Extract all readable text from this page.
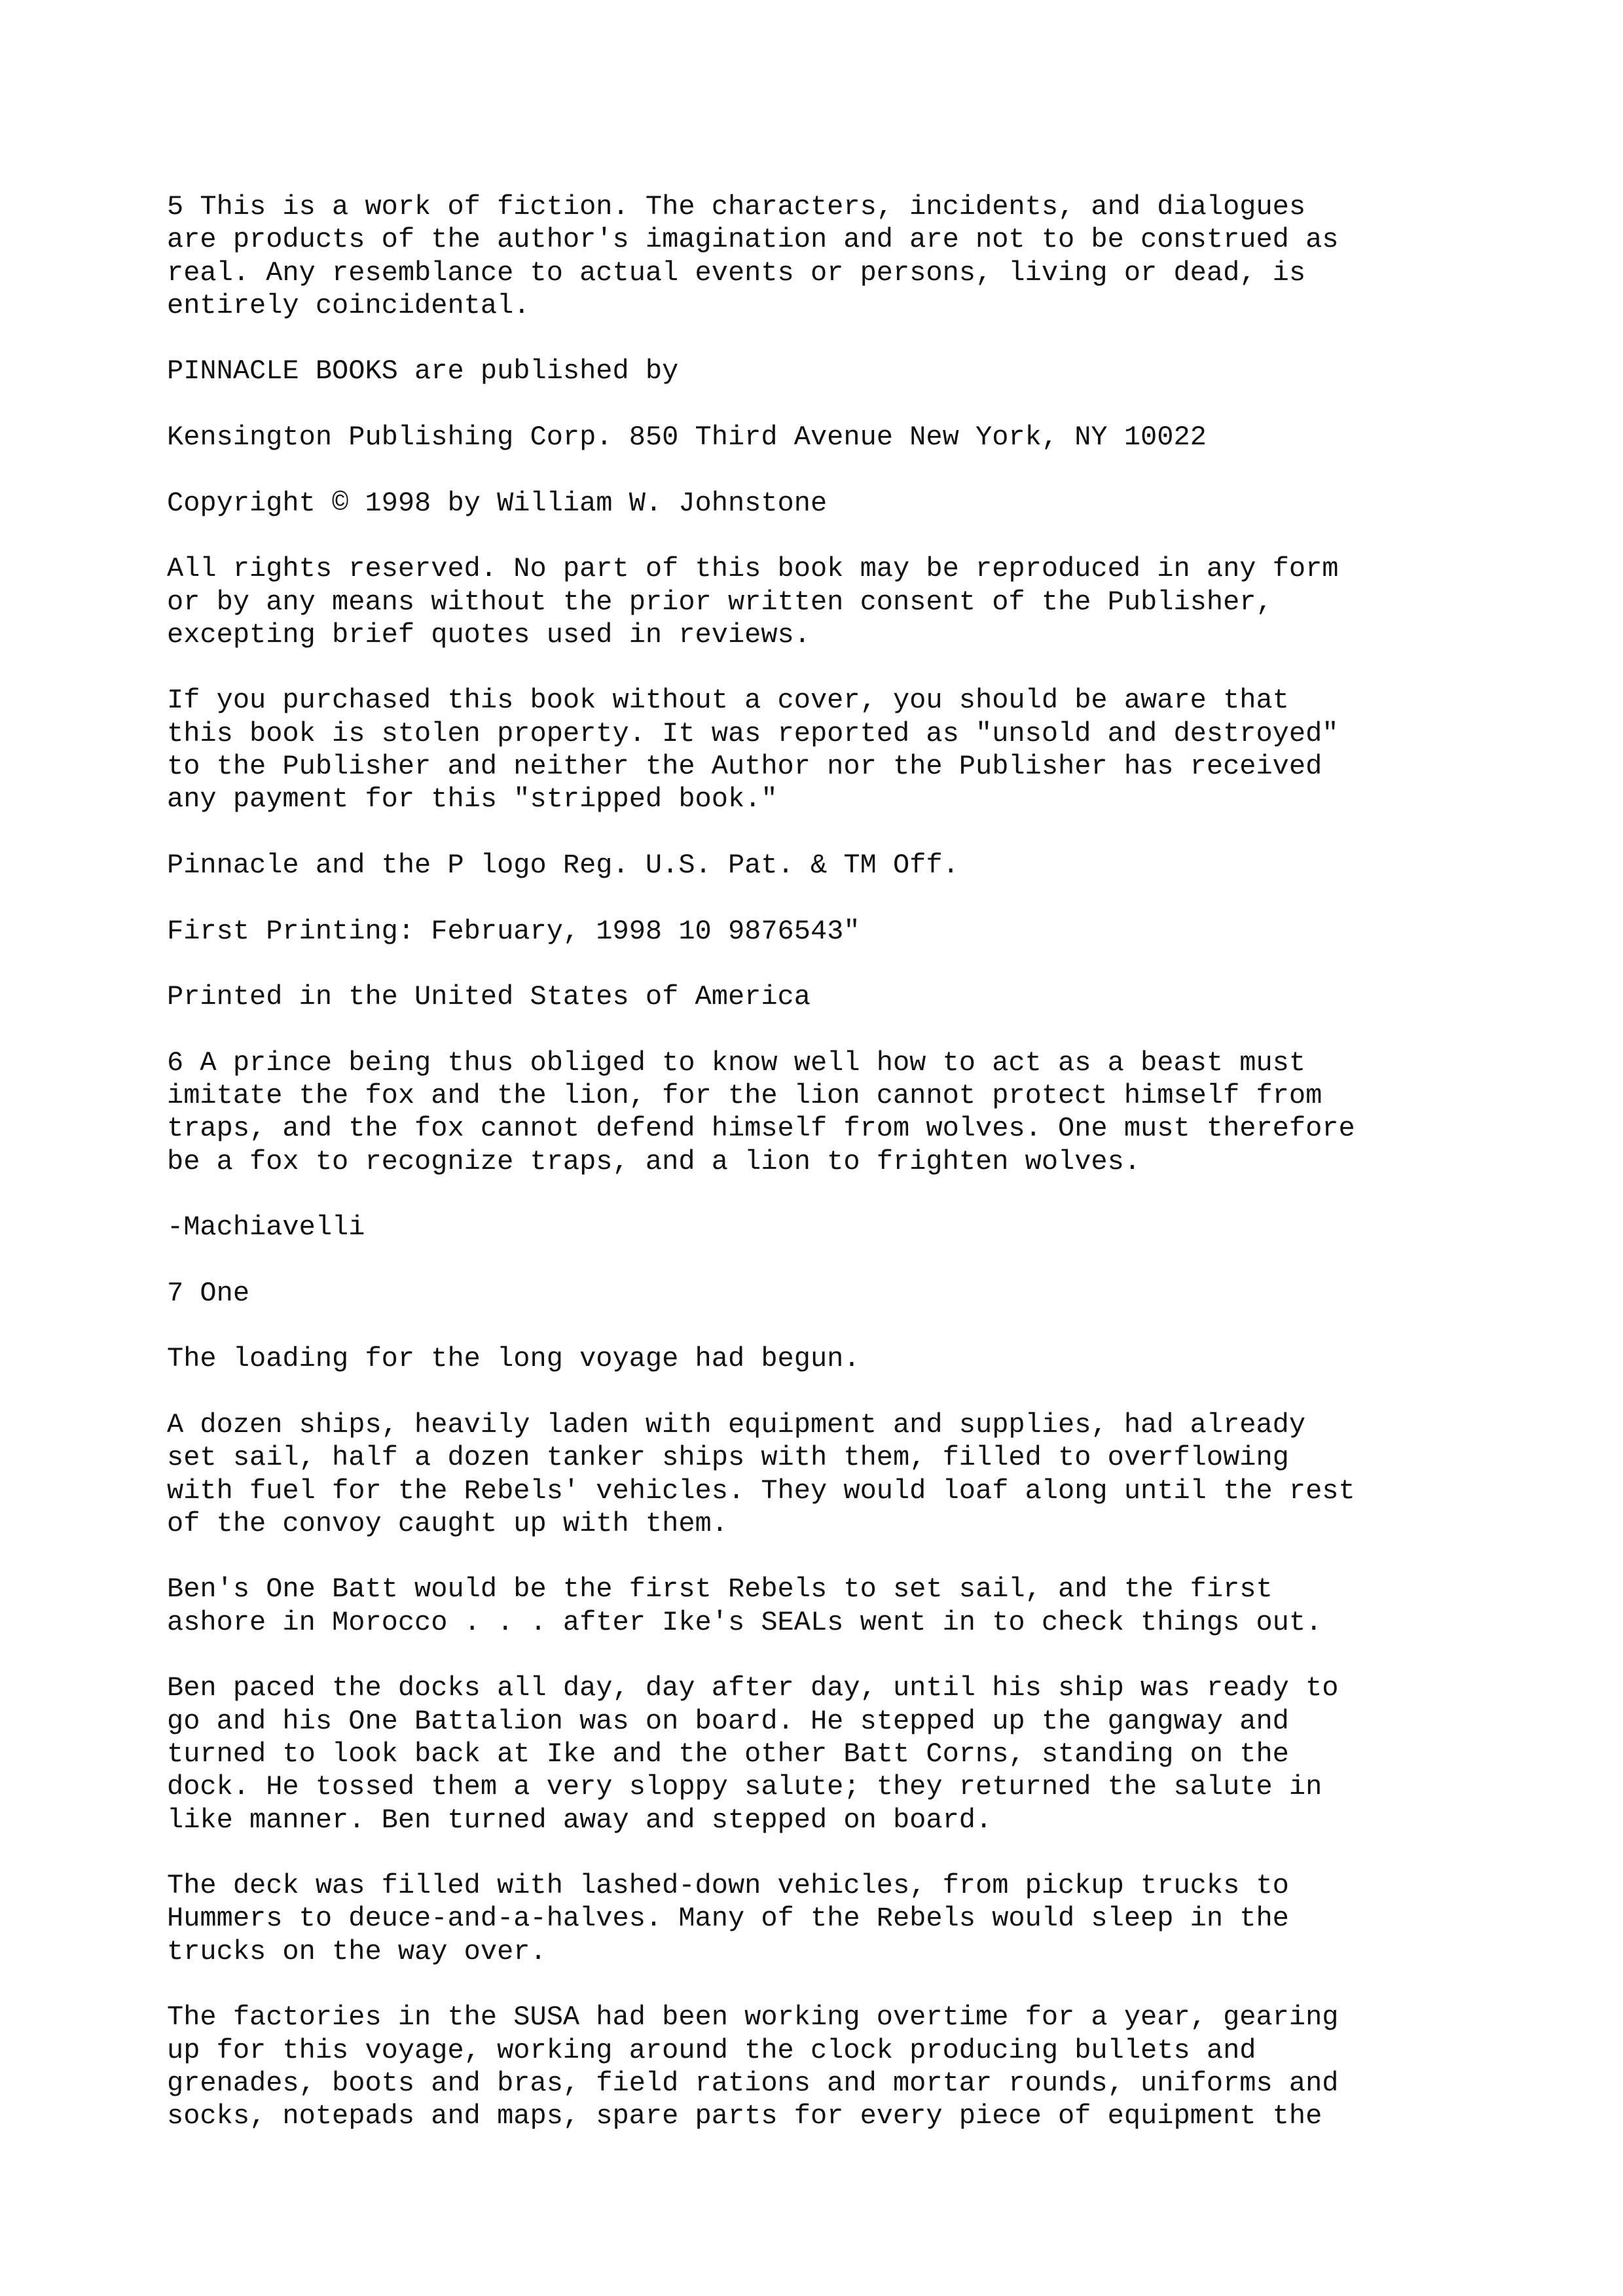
5 This is a work of fiction. The characters, incidents, and dialogues
are products of the author's imagination and are not to be construed as
real. Any resemblance to actual events or persons, living or dead, is
entirely coincidental.
PINNACLE BOOKS are published by
Kensington Publishing Corp. 850 Third Avenue New York, NY 10022
Copyright © 1998 by William W. Johnstone
All rights reserved. No part of this book may be reproduced in any form
or by any means without the prior written consent of the Publisher,
excepting brief quotes used in reviews.
If you purchased this book without a cover, you should be aware that
this book is stolen property. It was reported as "unsold and destroyed"
to the Publisher and neither the Author nor the Publisher has received
any payment for this "stripped book."
Pinnacle and the P logo Reg. U.S. Pat. & TM Off.
First Printing: February, 1998 10 9876543"
Printed in the United States of America
6 A prince being thus obliged to know well how to act as a beast must
imitate the fox and the lion, for the lion cannot protect himself from
traps, and the fox cannot defend himself from wolves. One must therefore
be a fox to recognize traps, and a lion to frighten wolves.
-Machiavelli
7 One
The loading for the long voyage had begun.
A dozen ships, heavily laden with equipment and supplies, had already
set sail, half a dozen tanker ships with them, filled to overflowing
with fuel for the Rebels' vehicles. They would loaf along until the rest
of the convoy caught up with them.
Ben's One Batt would be the first Rebels to set sail, and the first
ashore in Morocco . . . after Ike's SEALs went in to check things out.
Ben paced the docks all day, day after day, until his ship was ready to
go and his One Battalion was on board. He stepped up the gangway and
turned to look back at Ike and the other Batt Corns, standing on the
dock. He tossed them a very sloppy salute; they returned the salute in
like manner. Ben turned away and stepped on board.
The deck was filled with lashed-down vehicles, from pickup trucks to
Hummers to deuce-and-a-halves. Many of the Rebels would sleep in the
trucks on the way over.
The factories in the SUSA had been working overtime for a year, gearing
up for this voyage, working around the clock producing bullets and
grenades, boots and bras, field rations and mortar rounds, uniforms and
socks, notepads and maps, spare parts for every piece of equipment the
